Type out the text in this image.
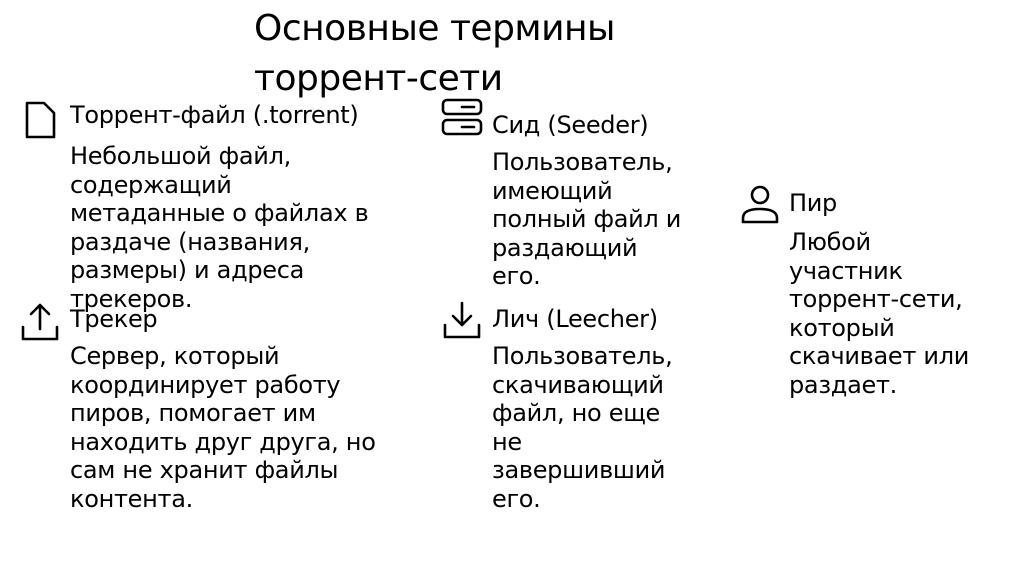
Основные термины
торрент-сети
Торрент-файл (.torrent)
Небольшой файл,
содержащий
метаданные о файлах в
раздаче (названия,
размеры) и адреса
трекеров.
Трекер
Сервер, который
координирует работу
пиров, помогает им
находить друг друга, но
сам не хранит файлы
контента.
Сид (Seeder)
Пользователь,
имеющий
полный файл и
раздающий
его.
Лич (Leecher)
Пользователь,
скачивающий
файл, но еще
не
завершивший
его.
Пир
Любой
участник
торрент-сети,
который
скачивает или
раздает.
